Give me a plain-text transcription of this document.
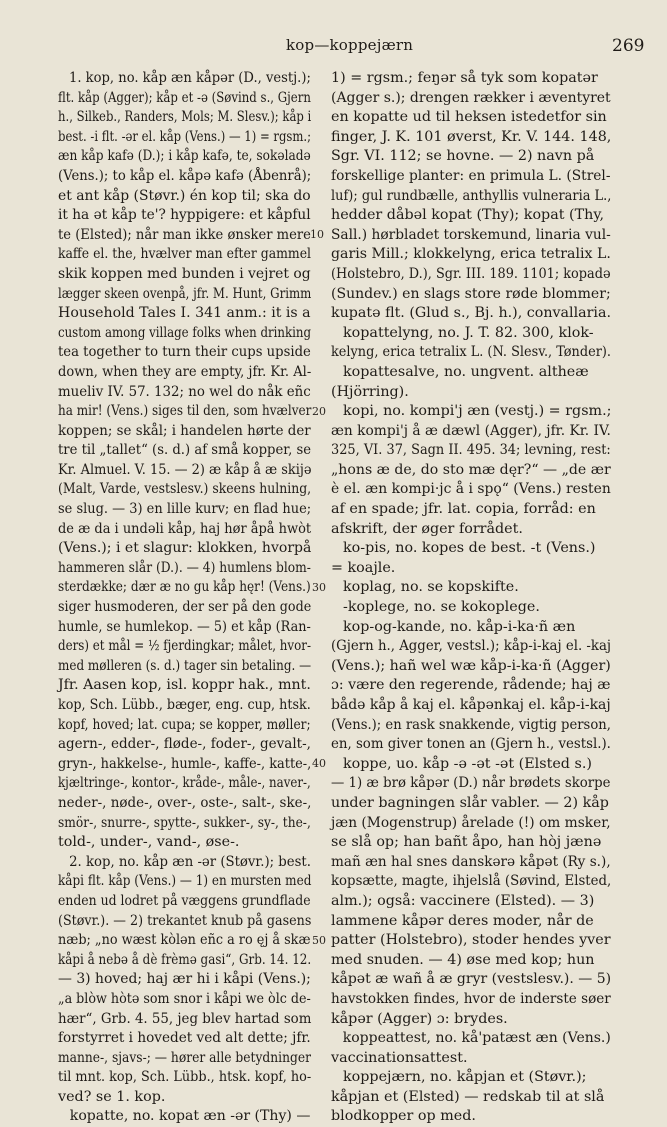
kop—koppejærn	269
10
20
30
40
50
1. kop, no. kåp æn kåpər (D., vestj.);
flt. kåp (Agger); kåp et -ə (Søvind s., Gjern
h., Silkeb., Randers, Mols; M. Slesv.); kåp i
best. -i flt. -ər el. kåp (Vens.) — 1) = rgsm.;
æn kåp kafə (D.); i kåp kafə, te, sokəladə
(Vens.); to kåp el. kåpə kafə (Åbenrå);
et ant kåp (Støvr.) én kop til; ska do
it ha ət kåp te'? hyppigere: et kåpful
te (Elsted); når man ikke ønsker mere
kaffe el. the, hvælver man efter gammel
skik koppen med bunden i vejret og
lægger skeen ovenpå, jfr. M. Hunt, Grimm
Household Tales I. 341 anm.: it is a
custom among village folks when drinking
tea together to turn their cups upside
down, when they are empty, jfr. Kr. Al-
mueliv IV. 57. 132; no wel do nåk eñc
ha mir! (Vens.) siges til den, som hvælver
koppen; se skål; i handelen hørte der
tre til „tallet“ (s. d.) af små kopper, se
Kr. Almuel. V. 15. — 2) æ kåp å æ skijə
(Malt, Varde, vestslesv.) skeens hulning,
se slug. — 3) en lille kurv; en flad hue;
de æ da i undəli kåp, haj hør åpå hwòt
(Vens.); i et slagur: klokken, hvorpå
hammeren slår (D.). — 4) humlens blom-
sterdække; dær æ no gu kåp hęr! (Vens.)
siger husmoderen, der ser på den gode
humle, se humlekop. — 5) et kåp (Ran-
ders) et mål = ½ fjerdingkar; målet, hvor-
med mølleren (s. d.) tager sin betaling. —
Jfr. Aasen kop, isl. koppr hak., mnt.
kop, Sch. Lübb., bæger, eng. cup, htsk.
kopf, hoved; lat. cupa; se kopper, møller;
agern-, edder-, fløde-, foder-, gevalt-,
gryn-, hakkelse-, humle-, kaffe-, katte-,
kjæltringe-, kontor-, kråde-, måle-, naver-,
neder-, nøde-, over-, oste-, salt-, ske-,
smör-, snurre-, spytte-, sukker-, sy-, the-,
told-, under-, vand-, øse-.
2. kop, no. kåp æn -ər (Støvr.); best.
kåpi flt. kåp (Vens.) — 1) en mursten med
enden ud lodret på væggens grundflade
(Støvr.). — 2) trekantet knub på gasens
næb; „no wæst kòlən eñc a ro ęj å skæ
kåpi å nebə å dè frèmə gasi“, Grb. 14. 12.
— 3) hoved; haj ær hi i kåpi (Vens.);
„a blòw hòtə som snor i kåpi we òlc de-
hær“, Grb. 4. 55, jeg blev hartad som
forstyrret i hovedet ved alt dette; jfr.
manne-, sjavs-; — hører alle betydninger
til mnt. kop, Sch. Lübb., htsk. kopf, ho-
ved? se 1. kop.
kopatte, no. kopat æn -ər (Thy) —
1) = rgsm.; feŋər så tyk som kopatər
(Agger s.); drengen rækker i æventyret
en kopatte ud til heksen istedetfor sin
finger, J. K. 101 øverst, Kr. V. 144. 148,
Sgr. VI. 112; se hovne. — 2) navn på
forskellige planter: en primula L. (Strel-
luf); gul rundbælle, anthyllis vulneraria L.,
hedder dåbəl kopat (Thy); kopat (Thy,
Sall.) hørbladet torskemund, linaria vul-
garis Mill.; klokkelyng, erica tetralix L.
(Holstebro, D.), Sgr. III. 189. 1101; kopadə
(Sundev.) en slags store røde blommer;
kupatə flt. (Glud s., Bj. h.), convallaria.
kopattelyng, no. J. T. 82. 300, klok-
kelyng, erica tetralix L. (N. Slesv., Tønder).
kopattesalve, no. ungvent. altheæ
(Hjörring).
kopi, no. kompi'j æn (vestj.) = rgsm.;
æn kompi'j å æ dæwl (Agger), jfr. Kr. IV.
325, VI. 37, Sagn II. 495. 34; levning, rest:
„hons æ de, do sto mæ dęr?“ — „de ær
è el. æn kompi·jc å i spǫ“ (Vens.) resten
af en spade; jfr. lat. copia, forråd: en
afskrift, der øger forrådet.
ko-pis, no. kopes de best. -t (Vens.)
= koajle.
koplag, no. se kopskifte.
-koplege, no. se kokoplege.
kop-og-kande, no. kåp-i-ka·ñ æn
(Gjern h., Agger, vestsl.); kåp-i-kaj el. -kaj
(Vens.); hañ wel wæ kåp-i-ka·ñ (Agger)
ɔ: være den regerende, rådende; haj æ
bådə kåp å kaj el. kåpənkaj el. kåp-i-kaj
(Vens.); en rask snakkende, vigtig person,
en, som giver tonen an (Gjern h., vestsl.).
koppe, uo. kåp -ə -ət -ət (Elsted s.)
— 1) æ brø kåpər (D.) når brødets skorpe
under bagningen slår vabler. — 2) kåp
jæn (Mogenstrup) årelade (!) om msker,
se slå op; han bañt åpo, han hòj jænə
mañ æn hal snes danskərə kåpət (Ry s.),
kopsætte, magte, ihjelslå (Søvind, Elsted,
alm.); også: vaccinere (Elsted). — 3)
lammene kåpər deres moder, når de
patter (Holstebro), stoder hendes yver
med snuden. — 4) øse med kop; hun
kåpət æ wañ å æ gryr (vestslesv.). — 5)
havstokken findes, hvor de inderste søer
kåpər (Agger) ɔ: brydes.
koppeattest, no. kå'patæst æn (Vens.)
vaccinationsattest.
koppejærn, no. kåpjan et (Støvr.);
kåpjan et (Elsted) — redskab til at slå
blodkopper op med.
